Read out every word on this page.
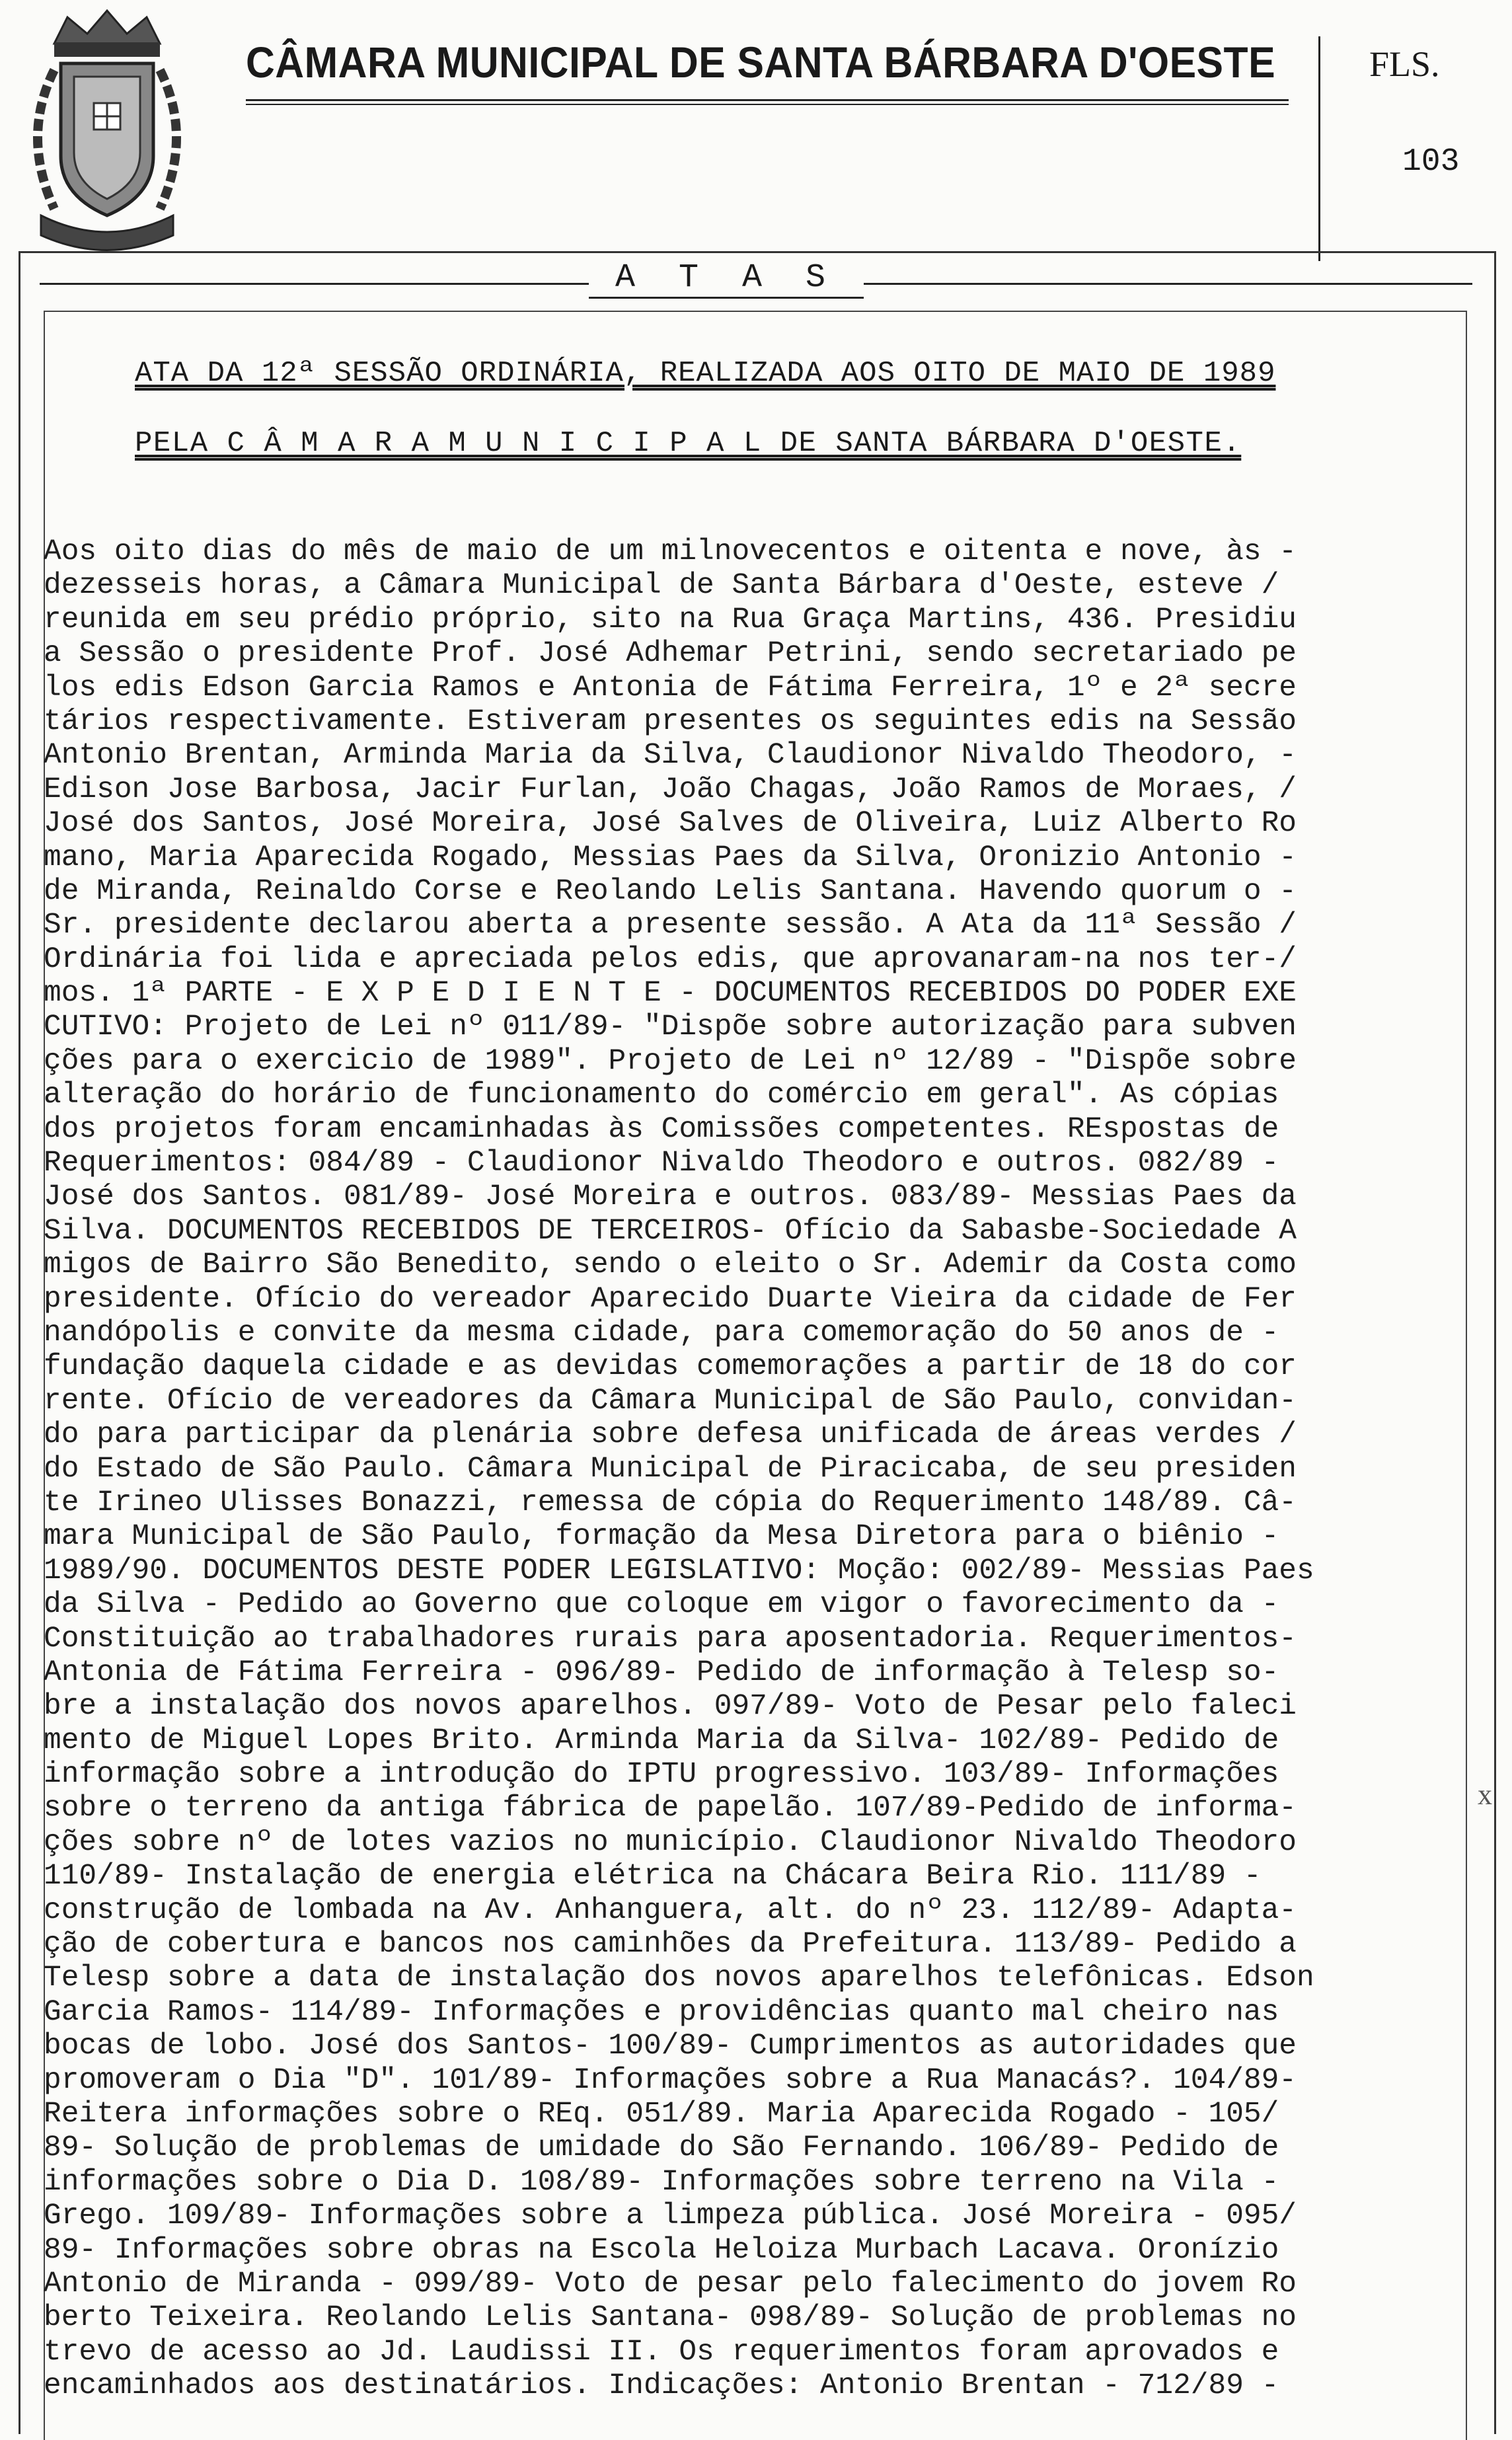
CÂMARA MUNICIPAL DE SANTA BÁRBARA D'OESTE	FLS.
103
A T A S
ATA DA 12ª SESSÃO ORDINÁRIA, REALIZADA AOS OITO DE MAIO DE 1989
PELA C Â M A R A M U N I C I P A L DE SANTA BÁRBARA D'OESTE.
Aos oito dias do mês de maio de um milnovecentos e oitenta e nove, às -
dezesseis horas, a Câmara Municipal de Santa Bárbara d'Oeste, esteve /
reunida em seu prédio próprio, sito na Rua Graça Martins, 436. Presidiu
a Sessão o presidente Prof. José Adhemar Petrini, sendo secretariado pe
los edis Edson Garcia Ramos e Antonia de Fátima Ferreira, 1º e 2ª secre
tários respectivamente. Estiveram presentes os seguintes edis na Sessão
Antonio Brentan, Arminda Maria da Silva, Claudionor Nivaldo Theodoro, -
Edison Jose Barbosa, Jacir Furlan, João Chagas, João Ramos de Moraes, /
José dos Santos, José Moreira, José Salves de Oliveira, Luiz Alberto Ro
mano, Maria Aparecida Rogado, Messias Paes da Silva, Oronizio Antonio -
de Miranda, Reinaldo Corse e Reolando Lelis Santana. Havendo quorum o -
Sr. presidente declarou aberta a presente sessão. A Ata da 11ª Sessão /
Ordinária foi lida e apreciada pelos edis, que aprovanaram-na nos ter-/
mos. 1ª PARTE - E X P E D I E N T E - DOCUMENTOS RECEBIDOS DO PODER EXE
CUTIVO: Projeto de Lei nº 011/89- "Dispõe sobre autorização para subven
ções para o exercicio de 1989". Projeto de Lei nº 12/89 - "Dispõe sobre
alteração do horário de funcionamento do comércio em geral". As cópias
dos projetos foram encaminhadas às Comissões competentes. REspostas de
Requerimentos: 084/89 - Claudionor Nivaldo Theodoro e outros. 082/89 -
José dos Santos. 081/89- José Moreira e outros. 083/89- Messias Paes da
Silva. DOCUMENTOS RECEBIDOS DE TERCEIROS- Ofício da Sabasbe-Sociedade A
migos de Bairro São Benedito, sendo o eleito o Sr. Ademir da Costa como
presidente. Ofício do vereador Aparecido Duarte Vieira da cidade de Fer
nandópolis e convite da mesma cidade, para comemoração do 50 anos de -
fundação daquela cidade e as devidas comemorações a partir de 18 do cor
rente. Ofício de vereadores da Câmara Municipal de São Paulo, convidan-
do para participar da plenária sobre defesa unificada de áreas verdes /
do Estado de São Paulo. Câmara Municipal de Piracicaba, de seu presiden
te Irineo Ulisses Bonazzi, remessa de cópia do Requerimento 148/89. Câ-
mara Municipal de São Paulo, formação da Mesa Diretora para o biênio -
1989/90. DOCUMENTOS DESTE PODER LEGISLATIVO: Moção: 002/89- Messias Paes
da Silva - Pedido ao Governo que coloque em vigor o favorecimento da -
Constituição ao trabalhadores rurais para aposentadoria. Requerimentos-
Antonia de Fátima Ferreira - 096/89- Pedido de informação à Telesp so-
bre a instalação dos novos aparelhos. 097/89- Voto de Pesar pelo faleci
mento de Miguel Lopes Brito. Arminda Maria da Silva- 102/89- Pedido de
informação sobre a introdução do IPTU progressivo. 103/89- Informações
sobre o terreno da antiga fábrica de papelão. 107/89-Pedido de informa-
ções sobre nº de lotes vazios no município. Claudionor Nivaldo Theodoro
110/89- Instalação de energia elétrica na Chácara Beira Rio. 111/89 -
construção de lombada na Av. Anhanguera, alt. do nº 23. 112/89- Adapta-
ção de cobertura e bancos nos caminhões da Prefeitura. 113/89- Pedido a
Telesp sobre a data de instalação dos novos aparelhos telefônicas. Edson
Garcia Ramos- 114/89- Informações e providências quanto mal cheiro nas
bocas de lobo. José dos Santos- 100/89- Cumprimentos as autoridades que
promoveram o Dia "D". 101/89- Informações sobre a Rua Manacás?. 104/89-
Reitera informações sobre o REq. 051/89. Maria Aparecida Rogado - 105/
89- Solução de problemas de umidade do São Fernando. 106/89- Pedido de
informações sobre o Dia D. 108/89- Informações sobre terreno na Vila -
Grego. 109/89- Informações sobre a limpeza pública. José Moreira - 095/
89- Informações sobre obras na Escola Heloiza Murbach Lacava. Oronízio
Antonio de Miranda - 099/89- Voto de pesar pelo falecimento do jovem Ro
berto Teixeira. Reolando Lelis Santana- 098/89- Solução de problemas no
trevo de acesso ao Jd. Laudissi II. Os requerimentos foram aprovados e
encaminhados aos destinatários. Indicações: Antonio Brentan - 712/89 -
x
